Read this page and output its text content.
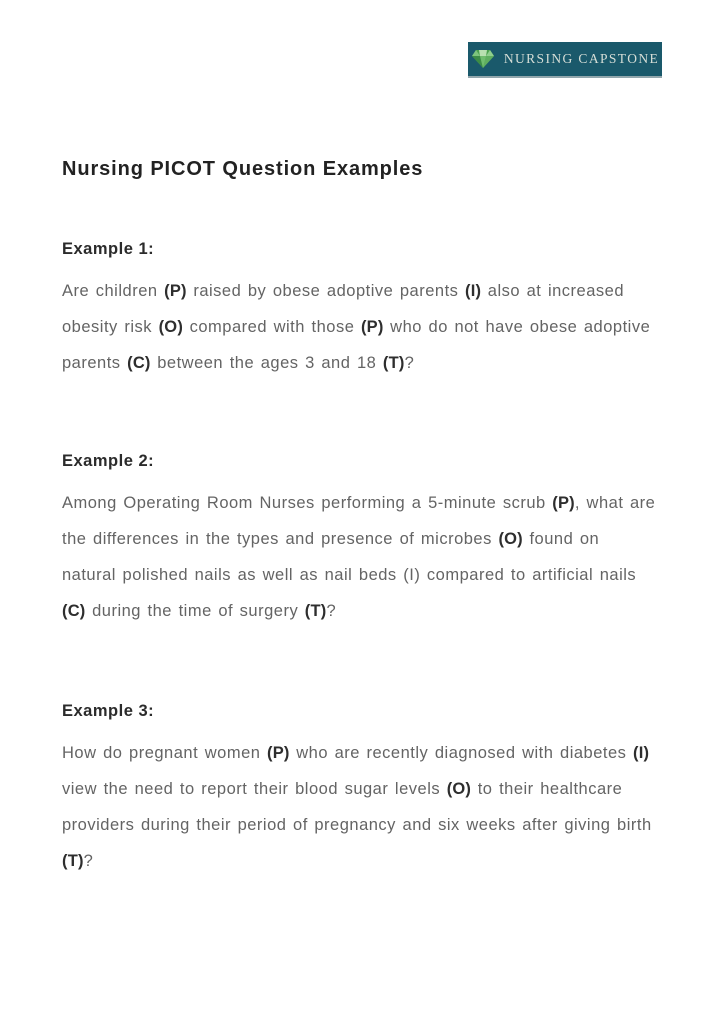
NURSING CAPSTONE
Nursing PICOT Question Examples
Example 1:

Are children (P) raised by obese adoptive parents (I) also at increased obesity risk (O) compared with those (P) who do not have obese adoptive parents (C) between the ages 3 and 18 (T)?

Example 2:

Among Operating Room Nurses performing a 5-minute scrub (P), what are the differences in the types and presence of microbes (O) found on natural polished nails as well as nail beds (I) compared to artificial nails (C) during the time of surgery (T)?

Example 3:

How do pregnant women (P) who are recently diagnosed with diabetes (I) view the need to report their blood sugar levels (O) to their healthcare providers during their period of pregnancy and six weeks after giving birth (T)?
